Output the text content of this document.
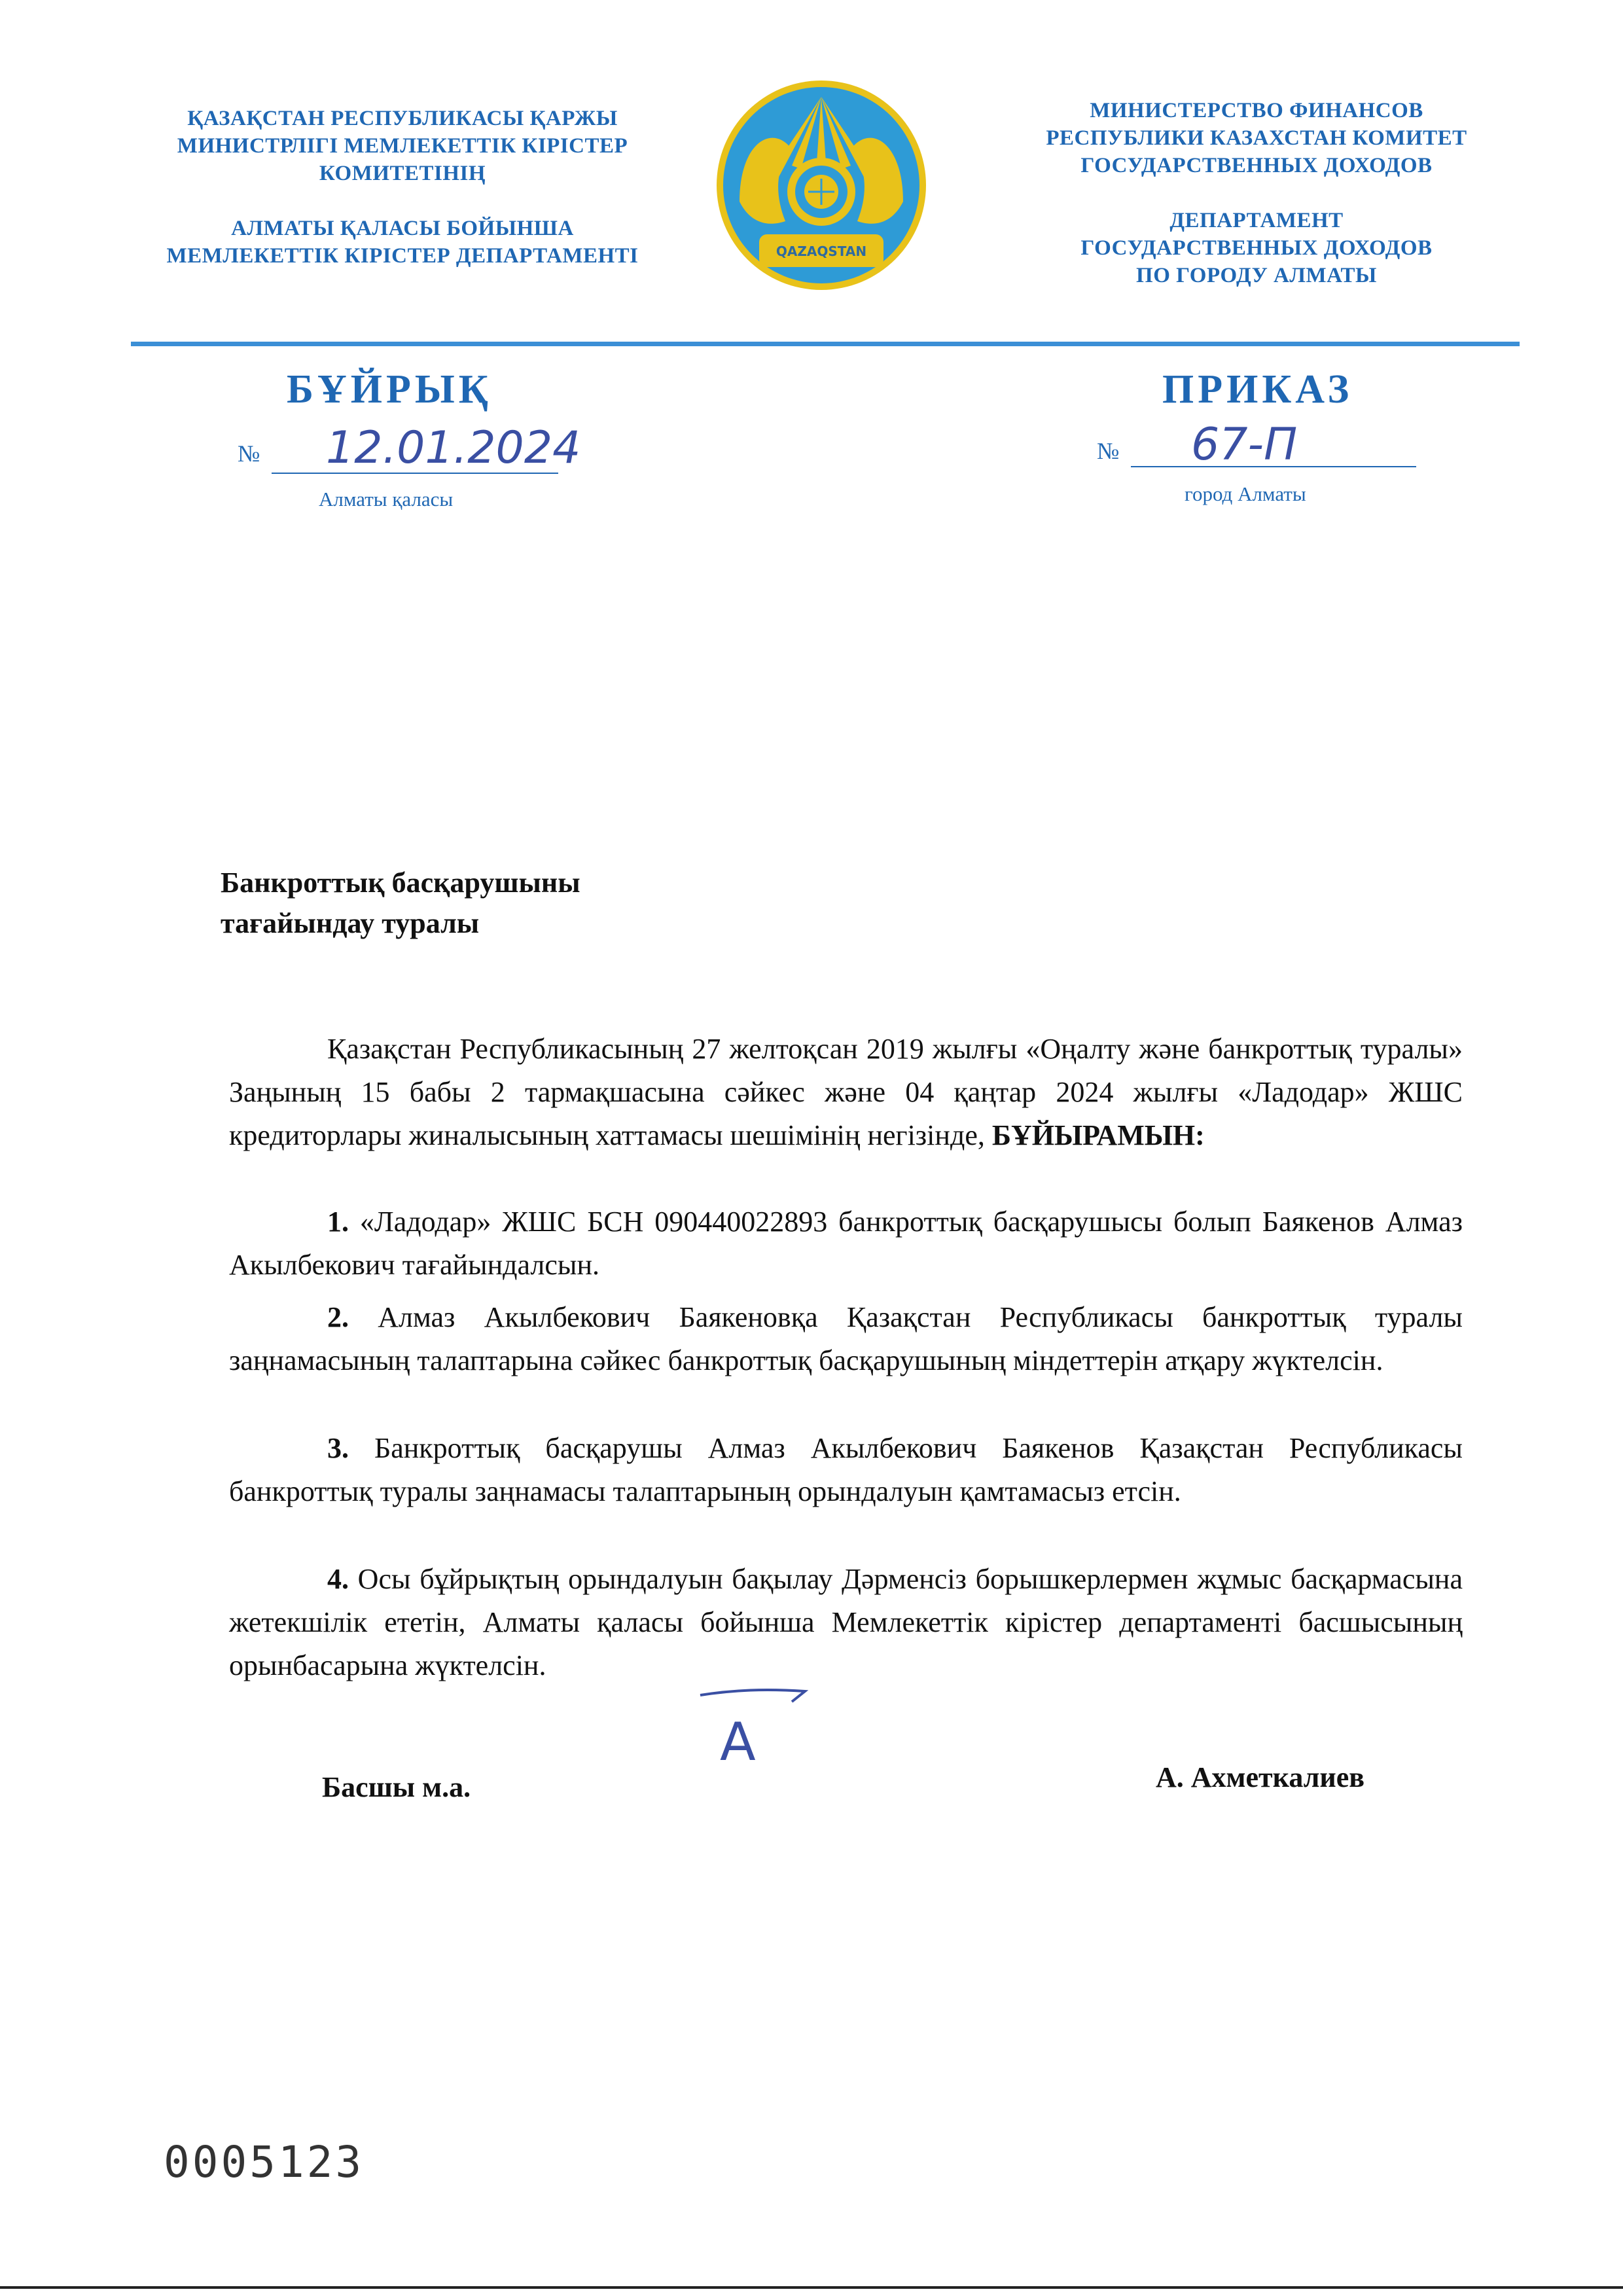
ҚАЗАҚСТАН РЕСПУБЛИКАСЫ ҚАРЖЫ
МИНИСТРЛІГІ МЕМЛЕКЕТТІК КІРІСТЕР
КОМИТЕТІНІҢ
АЛМАТЫ ҚАЛАСЫ БОЙЫНША
МЕМЛЕКЕТТІК КІРІСТЕР ДЕПАРТАМЕНТІ	QAZAQSTAN
МИНИСТЕРСТВО ФИНАНСОВ
РЕСПУБЛИКИ КАЗАХСТАН КОМИТЕТ
ГОСУДАРСТВЕННЫХ ДОХОДОВ
ДЕПАРТАМЕНТ
ГОСУДАРСТВЕННЫХ ДОХОДОВ
ПО ГОРОДУ АЛМАТЫ
БҰЙРЫҚ	ПРИКАЗ
№ 12.01.2024
Алматы қаласы
№ 67-П
город Алматы
Банкроттық басқарушыны
тағайындау туралы
Қазақстан Республикасының 27 желтоқсан 2019 жылғы «Оңалту және банкроттық туралы» Заңының 15 бабы 2 тармақшасына сәйкес және 04 қаңтар 2024 жылғы «Ладодар» ЖШС кредиторлары жиналысының хаттамасы шешімінің негізінде, БҰЙЫРАМЫН:
1. «Ладодар» ЖШС БСН 090440022893 банкроттық басқарушысы болып Баякенов Алмаз Акылбекович тағайындалсын.
2. Алмаз Акылбекович Баякеновқа Қазақстан Республикасы банкроттық туралы заңнамасының талаптарына сәйкес банкроттық басқарушының міндеттерін атқару жүктелсін.
3. Банкроттық басқарушы Алмаз Акылбекович Баякенов Қазақстан Республикасы банкроттық туралы заңнамасы талаптарының орындалуын қамтамасыз етсін.
4. Осы бұйрықтың орындалуын бақылау Дәрменсіз борышкерлермен жұмыс басқармасына жетекшілік ететін, Алматы қаласы бойынша Мемлекеттік кірістер департаменті басшысының орынбасарына жүктелсін.
А
Басшы м.а.	А. Ахметкалиев
0005123
